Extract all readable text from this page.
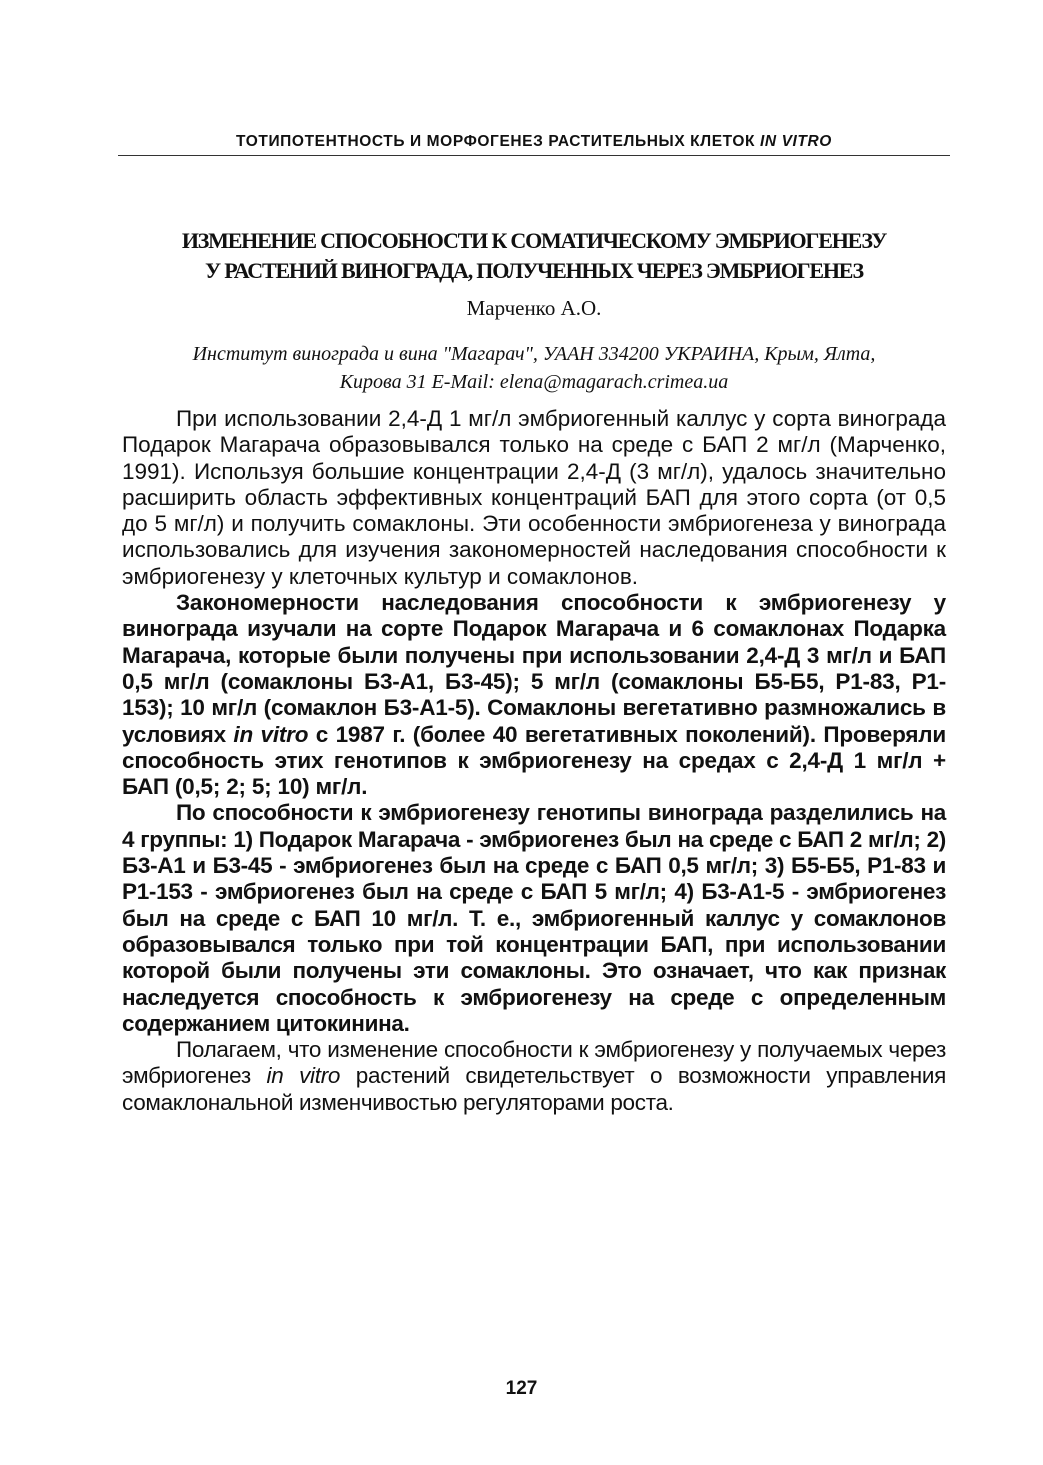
ТОТИПОТЕНТНОСТЬ И МОРФОГЕНЕЗ РАСТИТЕЛЬНЫХ КЛЕТОК IN VITRO
ИЗМЕНЕНИЕ СПОСОБНОСТИ К СОМАТИЧЕСКОМУ ЭМБРИОГЕНЕЗУ
У РАСТЕНИЙ ВИНОГРАДА, ПОЛУЧЕННЫХ ЧЕРЕЗ ЭМБРИОГЕНЕЗ
Марченко А.О.
Институт винограда и вина "Магарач", УААН 334200 УКРАИНА, Крым, Ялта,
Кирова 31 E-Mail: elena@magarach.crimea.ua

При использовании 2,4-Д 1 мг/л эмбриогенный каллус у сорта винограда Подарок Магарача образовывался только на среде с БАП 2 мг/л (Марченко, 1991). Используя большие концентрации 2,4-Д (3 мг/л), удалось значительно расширить область эффективных концентраций БАП для этого сорта (от 0,5 до 5 мг/л) и получить сомаклоны. Эти особенности эмбриогенеза у винограда использовались для изучения закономерностей наследования способности к эмбриогенезу у клеточных культур и сомаклонов.

Закономерности наследования способности к эмбриогенезу у винограда изучали на сорте Подарок Магарача и 6 сомаклонах Подарка Магарача, которые были получены при использовании 2,4-Д 3 мг/л и БАП 0,5 мг/л (сомаклоны Б3-А1, Б3-45); 5 мг/л (сомаклоны Б5-Б5, Р1-83, Р1-153); 10 мг/л (сомаклон Б3-А1-5). Сомаклоны вегетативно размножались в условиях in vitro с 1987 г. (более 40 вегетативных поколений). Проверяли способность этих генотипов к эмбриогенезу на средах с 2,4-Д 1 мг/л + БАП (0,5; 2; 5; 10) мг/л.

По способности к эмбриогенезу генотипы винограда разделились на 4 группы: 1) Подарок Магарача - эмбриогенез был на среде с БАП 2 мг/л; 2) Б3-А1 и Б3-45 - эмбриогенез был на среде с БАП 0,5 мг/л; 3) Б5-Б5, Р1-83 и Р1-153 - эмбриогенез был на среде с БАП 5 мг/л; 4) Б3-А1-5 - эмбриогенез был на среде с БАП 10 мг/л. Т. е., эмбриогенный каллус у сомаклонов образовывался только при той концентрации БАП, при использовании которой были получены эти сомаклоны. Это означает, что как признак наследуется способность к эмбриогенезу на среде с определенным содержанием цитокинина.

Полагаем, что изменение способности к эмбриогенезу у получаемых через эмбриогенез in vitro растений свидетельствует о возможности управления сомаклональной изменчивостью регуляторами роста.

127
